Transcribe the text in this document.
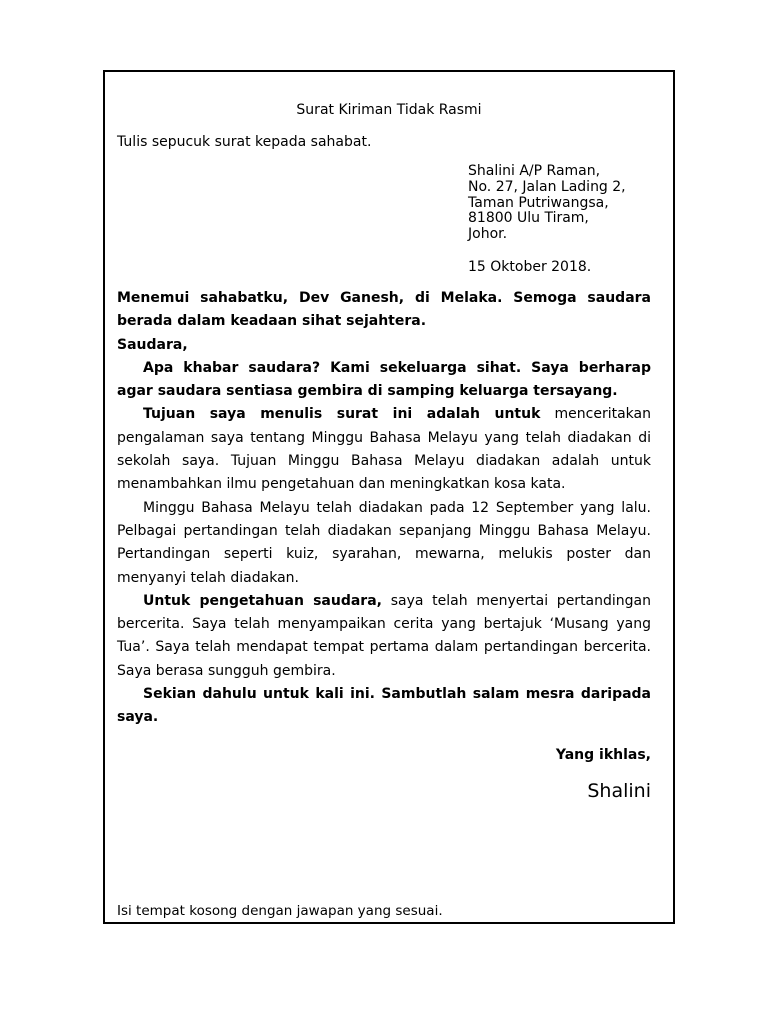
Surat Kiriman Tidak Rasmi
Tulis sepucuk surat kepada sahabat.
Shalini A/P Raman,
No. 27, Jalan Lading 2,
Taman Putriwangsa,
81800 Ulu Tiram,
Johor.
15 Oktober 2018.

Menemui sahabatku, Dev Ganesh, di Melaka. Semoga saudara berada dalam keadaan sihat sejahtera.

Saudara,

Apa khabar saudara? Kami sekeluarga sihat. Saya berharap agar saudara sentiasa gembira di samping keluarga tersayang.

Tujuan saya menulis surat ini adalah untuk menceritakan pengalaman saya tentang Minggu Bahasa Melayu yang telah diadakan di sekolah saya. Tujuan Minggu Bahasa Melayu diadakan adalah untuk menambahkan ilmu pengetahuan dan meningkatkan kosa kata.

Minggu Bahasa Melayu telah diadakan pada 12 September yang lalu. Pelbagai pertandingan telah diadakan sepanjang Minggu Bahasa Melayu. Pertandingan seperti kuiz, syarahan, mewarna, melukis poster dan menyanyi telah diadakan.

Untuk pengetahuan saudara, saya telah menyertai pertandingan bercerita. Saya telah menyampaikan cerita yang bertajuk ‘Musang yang Tua’. Saya telah mendapat tempat pertama dalam pertandingan bercerita. Saya berasa sungguh gembira.

Sekian dahulu untuk kali ini. Sambutlah salam mesra daripada saya.

Yang ikhlas,
Shalini
Isi tempat kosong dengan jawapan yang sesuai.
